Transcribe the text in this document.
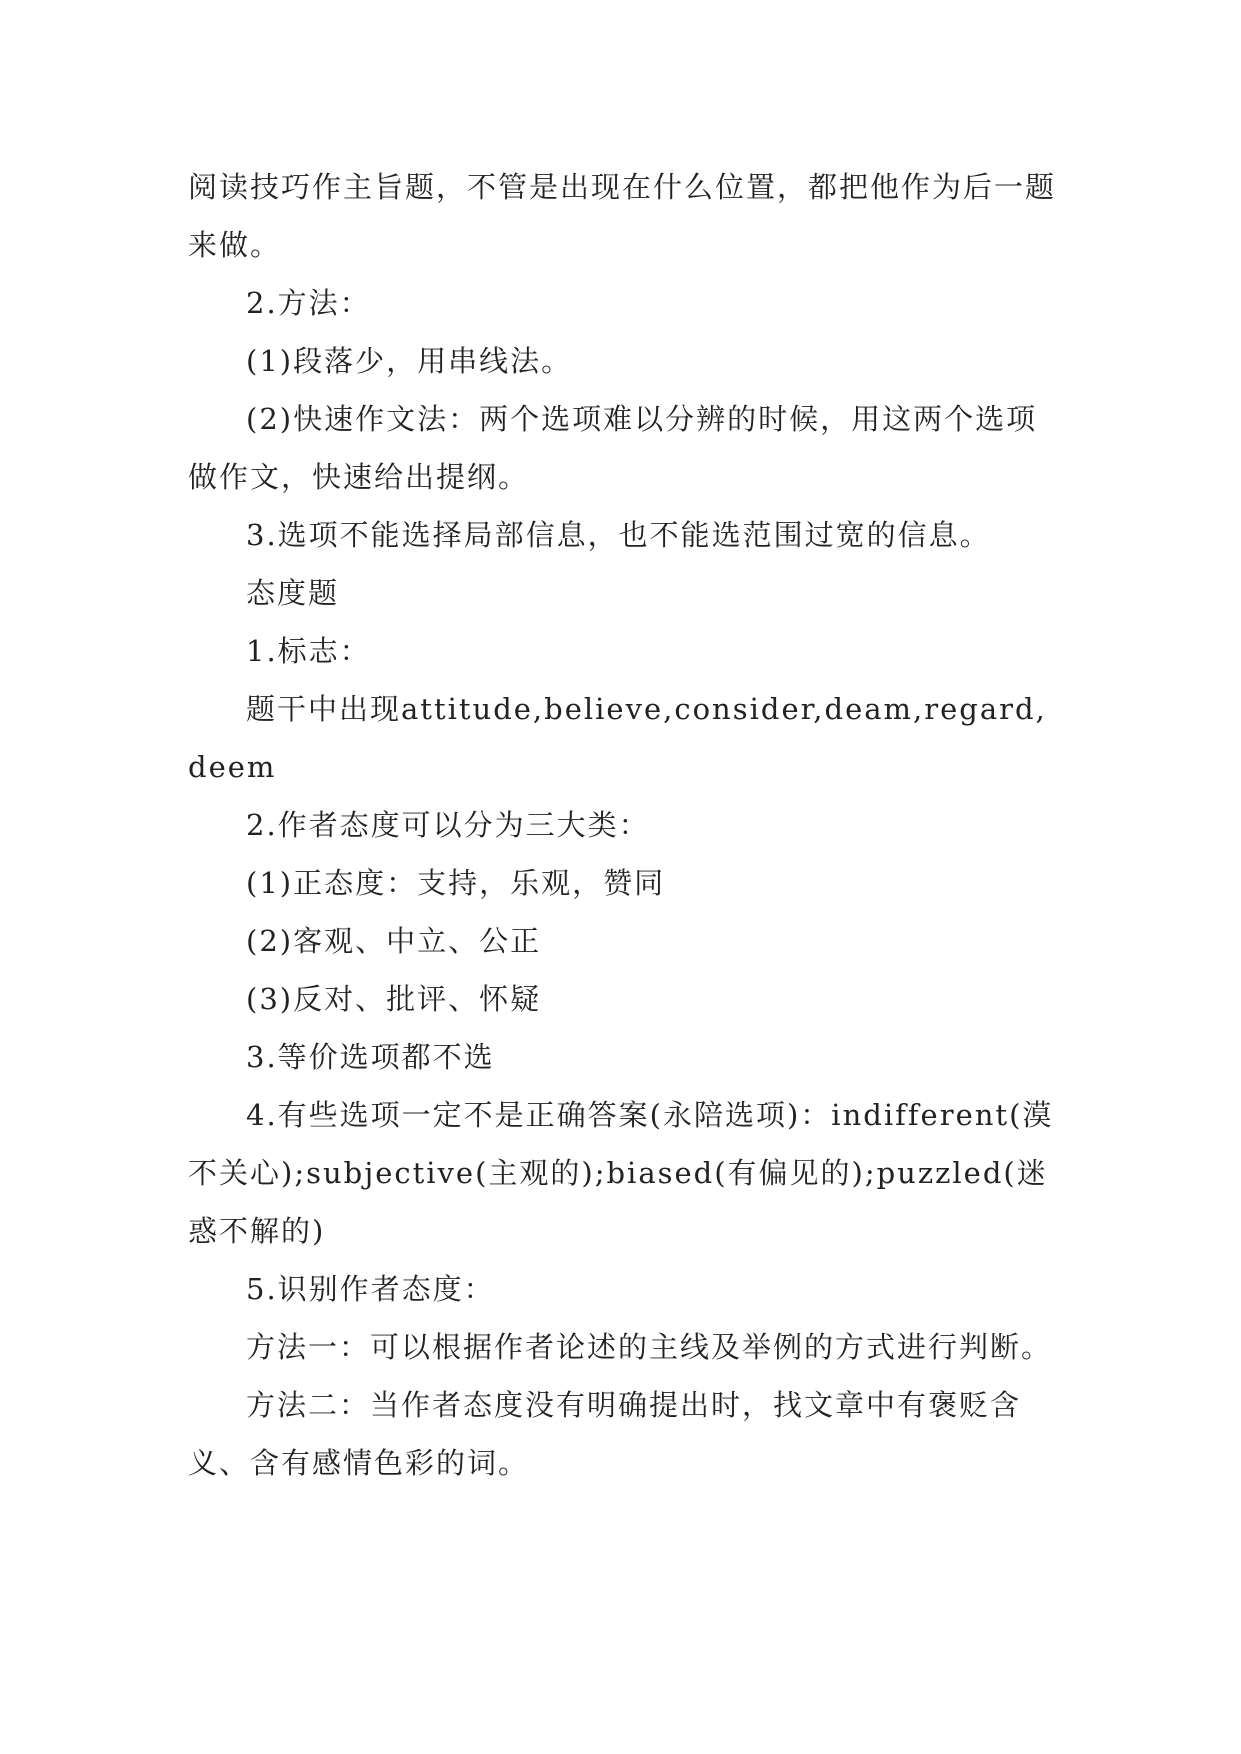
阅读技巧作主旨题，不管是出现在什么位置，都把他作为后一题来做。

2.方法：

(1)段落少，用串线法。

(2)快速作文法：两个选项难以分辨的时候，用这两个选项做作文，快速给出提纲。

3.选项不能选择局部信息，也不能选范围过宽的信息。

态度题

1.标志：

题干中出现attitude,believe,consider,deam,regard,deem

2.作者态度可以分为三大类：

(1)正态度：支持，乐观，赞同

(2)客观、中立、公正

(3)反对、批评、怀疑

3.等价选项都不选

4.有些选项一定不是正确答案(永陪选项)：indifferent(漠不关心);subjective(主观的);biased(有偏见的);puzzled(迷惑不解的)

5.识别作者态度：

方法一：可以根据作者论述的主线及举例的方式进行判断。

方法二：当作者态度没有明确提出时，找文章中有褒贬含义、含有感情色彩的词。
